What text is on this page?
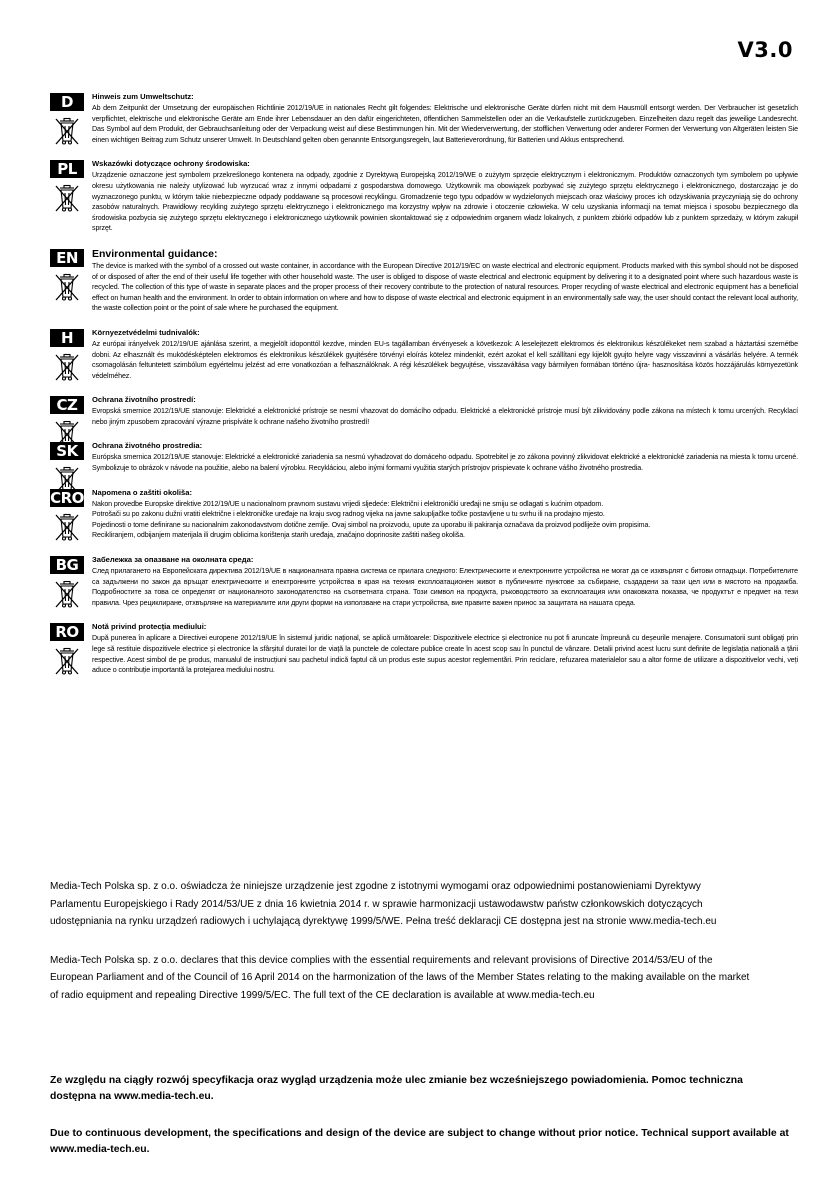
V3.0
D	Hinweis zum Umweltschutz:

Ab dem Zeitpunkt der Umsetzung der europäischen Richtlinie 2012/19/UE in nationales Recht gilt folgendes: Elektrische und elektronische Geräte dürfen nicht mit dem Hausmüll entsorgt werden. Der Verbraucher ist gesetzlich verpflichtet, elektrische und elektronische Geräte am Ende ihrer Lebensdauer an den dafür eingerichteten, öffentlichen Sammelstellen oder an die Verkaufstelle zurückzugeben. Einzelheiten dazu regelt das jeweilige Landesrecht. Das Symbol auf dem Produkt, der Gebrauchsanleitung oder der Verpackung weist auf diese Bestimmungen hin. Mit der Wiederverwertung, der stofflichen Verwertung oder anderer Formen der Verwertung von Altgeräten leisten Sie einen wichtigen Beitrag zum Schutz unserer Umwelt. In Deutschland gelten oben genannte Entsorgungsregeln, laut Batterieverordnung, für Batterien und Akkus entsprechend.

PL	Wskazówki dotyczące ochrony środowiska:

Urządzenie oznaczone jest symbolem przekreślonego kontenera na odpady, zgodnie z Dyrektywą Europejską 2012/19/WE o zużytym sprzęcie elektrycznym i elektronicznym. Produktów oznaczonych tym symbolem po upływie okresu użytkowania nie należy utylizować lub wyrzucać wraz z innymi odpadami z gospodarstwa domowego. Użytkownik ma obowiązek pozbywać się zużytego sprzętu elektrycznego i elektronicznego, dostarczając je do wyznaczonego punktu, w którym takie niebezpieczne odpady poddawane są procesowi recyklingu. Gromadzenie tego typu odpadów w wydzielonych miejscach oraz właściwy proces ich odzyskiwania przyczyniają się do ochrony zasobów naturalnych. Prawidłowy recykling zużytego sprzętu elektrycznego i elektronicznego ma korzystny wpływ na zdrowie i otoczenie człowieka. W celu uzyskania informacji na temat miejsca i sposobu bezpiecznego dla środowiska pozbycia się zużytego sprzętu elektrycznego i elektronicznego użytkownik powinien skontaktować się z odpowiednim organem władz lokalnych, z punktem zbiórki odpadów lub z punktem sprzedaży, w którym zakupił sprzęt.

EN	Environmental guidance:

The device is marked with the symbol of a crossed out waste container, in accordance with the European Directive 2012/19/EC on waste electrical and electronic equipment. Products marked with this symbol should not be disposed of or disposed of after the end of their useful life together with other household waste. The user is obliged to dispose of waste electrical and electronic equipment by delivering it to a designated point where such hazardous waste is recycled. The collection of this type of waste in separate places and the proper process of their recovery contribute to the protection of natural resources. Proper recycling of waste electrical and electronic equipment has a beneficial effect on human health and the environment. In order to obtain information on where and how to dispose of waste electrical and electronic equipment in an environmentally safe way, the user should contact the relevant local authority, the waste collection point or the point of sale where he purchased the equipment.

H	Környezetvédelmi tudnivalók:

Az európai irányelvek 2012/19/UE ajánlása szerint, a megjelölt idoponttól kezdve, minden EU-s tagállamban érvényesek a következok: A leselejtezett elektromos és elektronikus készülékeket nem szabad a háztartási szemétbe dobni. Az elhasznált és muködésképtelen elektromos és elektronikus készülékek gyujtésére törvényi eloírás kötelez mindenkit, ezért azokat el kell szállítani egy kijelölt gyujto helyre vagy visszavinni a vásárlás helyére. A termék csomagolásán feltuntetett szimbólum egyértelmu jelzést ad erre vonatkozóan a felhasználóknak. A régi készülékek begyujtése, visszaváltása vagy bármilyen formában történo újra- hasznosítása közös hozzájárulás környezetünk védelméhez.

CZ	Ochrana životního prostredí:

Evropská smernice 2012/19/UE stanovuje: Elektrické a elektronické prístroje se nesmí vhazovat do domácího odpadu. Elektrické a elektronické prístroje musí být zlikvidovány podle zákona na místech k tomu urcených. Recyklací nebo jiným zpusobem zpracování výrazne prispíváte k ochrane našeho životního prostredí!

SK	Ochrana životného prostredia:

Európska smernica 2012/19/UE stanovuje: Elektrické a elektronické zariadenia sa nesmú vyhadzovat do domáceho odpadu. Spotrebitel je zo zákona povinný zlikvidovat elektrické a elektronické zariadenia na miesta k tomu urcené. Symbolizuje to obrázok v návode na použitie, alebo na balení výrobku. Recykláciou, alebo inými formami využitia starých prístrojov prispievate k ochrane vášho životného prostredia.

CRO Napomena o zaštiti okoliša:

Nakon provedbe Europske direktive 2012/19/UE u nacionalnom pravnom sustavu vrijedi sljedeće: Električni i elektronički uređaji ne smiju se odlagati s kućnim otpadom.
Potrošači su po zakonu dužni vratiti električne i elektroničke uređaje na kraju svog radnog vijeka na javne sakupljačke točke postavljene u tu svrhu ili na prodajno mjesto.
Pojedinosti o tome definirane su nacionalnim zakonodavstvom dotične zemlje. Ovaj simbol na proizvodu, upute za uporabu ili pakiranja označava da proizvod podliježe ovim propisima.
Recikliranjem, odbijanjem materijala ili drugim oblicima korištenja starih uređaja, značajno doprinosite zaštiti našeg okoliša.

BG	Забележка за опазване на околната среда:

След прилагането на Европейската директива 2012/19/UE в националната правна система се прилага следното: Електрическите и електронните устройства не могат да се изхвърлят с битови отпадъци. Потребителите са задължени по закон да връщат електрическите и електронните устройства в края на техния експлоатационен живот в публичните пунктове за събиране, създадени за тази цел или в мястото на продажба. Подробностите за това се определят от националното законодателство на съответната страна. Този символ на продукта, ръководството за експлоатация или опаковката показва, че продуктът е предмет на тези правила. Чрез рециклиране, отхвърляне на материалите или други форми на използване на стари устройства, вие правите важен принос за защитата на нашата среда.

RO	Notă privind protecția mediului:

După punerea în aplicare a Directivei europene 2012/19/UE în sistemul juridic național, se aplică următoarele: Dispozitivele electrice și electronice nu pot fi aruncate împreună cu deșeurile menajere. Consumatorii sunt obligați prin lege să restituie dispozitivele electrice și electronice la sfârșitul duratei lor de viață la punctele de colectare publice create în acest scop sau în punctul de vânzare. Detalii privind acest lucru sunt definite de legislația națională a țării respective. Acest simbol de pe produs, manualul de instrucțiuni sau pachetul indică faptul că un produs este supus acestor reglementări. Prin reciclare, refuzarea materialelor sau a altor forme de utilizare a dispozitivelor vechi, veți aduce o contribuție importantă la protejarea mediului nostru.

Media-Tech Polska sp. z o.o. oświadcza że niniejsze urządzenie jest zgodne z istotnymi wymogami oraz odpowiednimi postanowieniami Dyrektywy Parlamentu Europejskiego i Rady 2014/53/UE z dnia 16 kwietnia 2014 r. w sprawie harmonizacji ustawodawstw państw członkowskich dotyczących udostępniania na rynku urządzeń radiowych i uchylającą dyrektywę 1999/5/WE. Pełna treść deklaracji CE dostępna jest na stronie www.media-tech.eu

Media-Tech Polska sp. z o.o. declares that this device complies with the essential requirements and relevant provisions of Directive 2014/53/EU of the European Parliament and of the Council of 16 April 2014 on the harmonization of the laws of the Member States relating to the making available on the market of radio equipment and repealing Directive 1999/5/EC. The full text of the CE declaration is available at www.media-tech.eu

Ze względu na ciągły rozwój specyfikacja oraz wygląd urządzenia może ulec zmianie bez wcześniejszego powiadomienia. Pomoc techniczna dostępna na www.media-tech.eu.

Due to continuous development, the specifications and design of the device are subject to change without prior notice. Technical support available at www.media-tech.eu.
